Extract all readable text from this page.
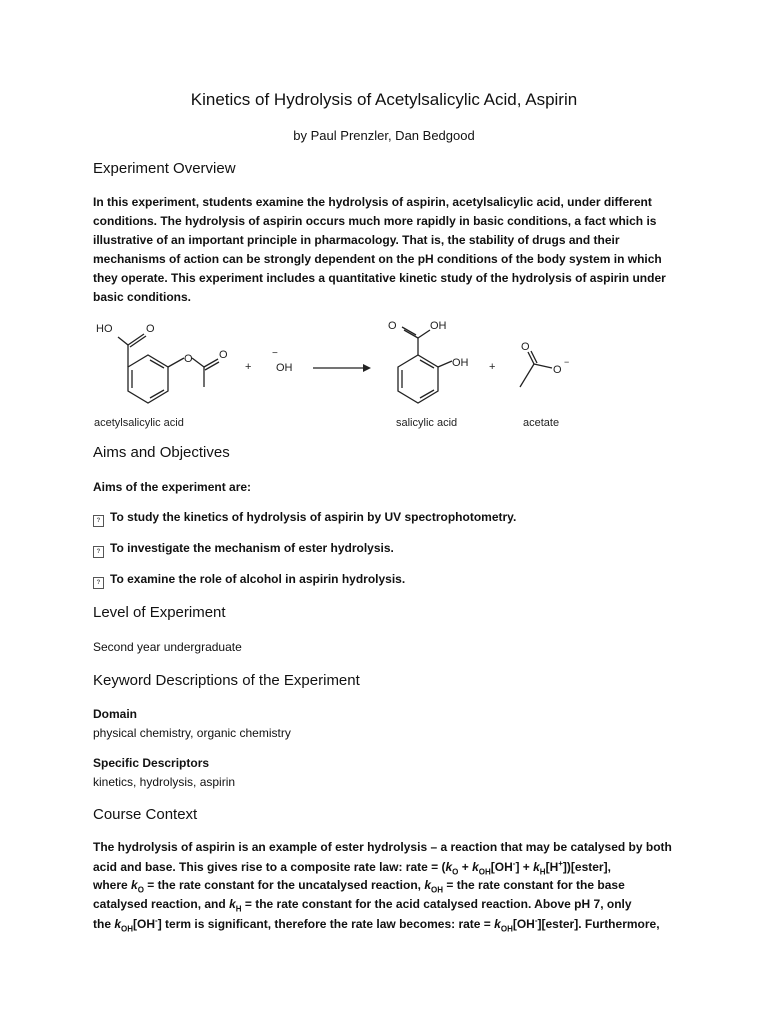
Kinetics of Hydrolysis of Acetylsalicylic Acid, Aspirin
by Paul Prenzler, Dan Bedgood
Experiment Overview
In this experiment, students examine the hydrolysis of aspirin, acetylsalicylic acid, under different
conditions. The hydrolysis of aspirin occurs much more rapidly in basic conditions, a fact which is
illustrative of an important principle in pharmacology. That is, the stability of drugs and their
mechanisms of action can be strongly dependent on the pH conditions of the body system in which
they operate. This experiment includes a quantitative kinetic study of the hydrolysis of aspirin under
basic conditions.
HO	O
O O
+
−
OH
O	OH
OH +
O
O
−
acetylsalicylic acid	salicylic acid	acetate
Aims and Objectives
Aims of the experiment are:
? To study the kinetics of hydrolysis of aspirin by UV spectrophotometry.
? To investigate the mechanism of ester hydrolysis.
? To examine the role of alcohol in aspirin hydrolysis.
Level of Experiment
Second year undergraduate
Keyword Descriptions of the Experiment
Domain
physical chemistry, organic chemistry
Specific Descriptors
kinetics, hydrolysis, aspirin
Course Context
The hydrolysis of aspirin is an example of ester hydrolysis – a reaction that may be catalysed by both
acid and base. This gives rise to a composite rate law: rate = ($k_O + k_{OH}[OH^-]$ + $k_H[H^+])[ester]$,
where $k_O$ = the rate constant for the uncatalysed reaction, $k_{OH}$ = the rate constant for the base
catalysed reaction, and $k_H$ = the rate constant for the acid catalysed reaction. Above pH 7, only
the $k_{OH}[OH^-]$ term is significant, therefore the rate law becomes: rate = $k_{OH}[OH^-][ester]$. Furthermore,
